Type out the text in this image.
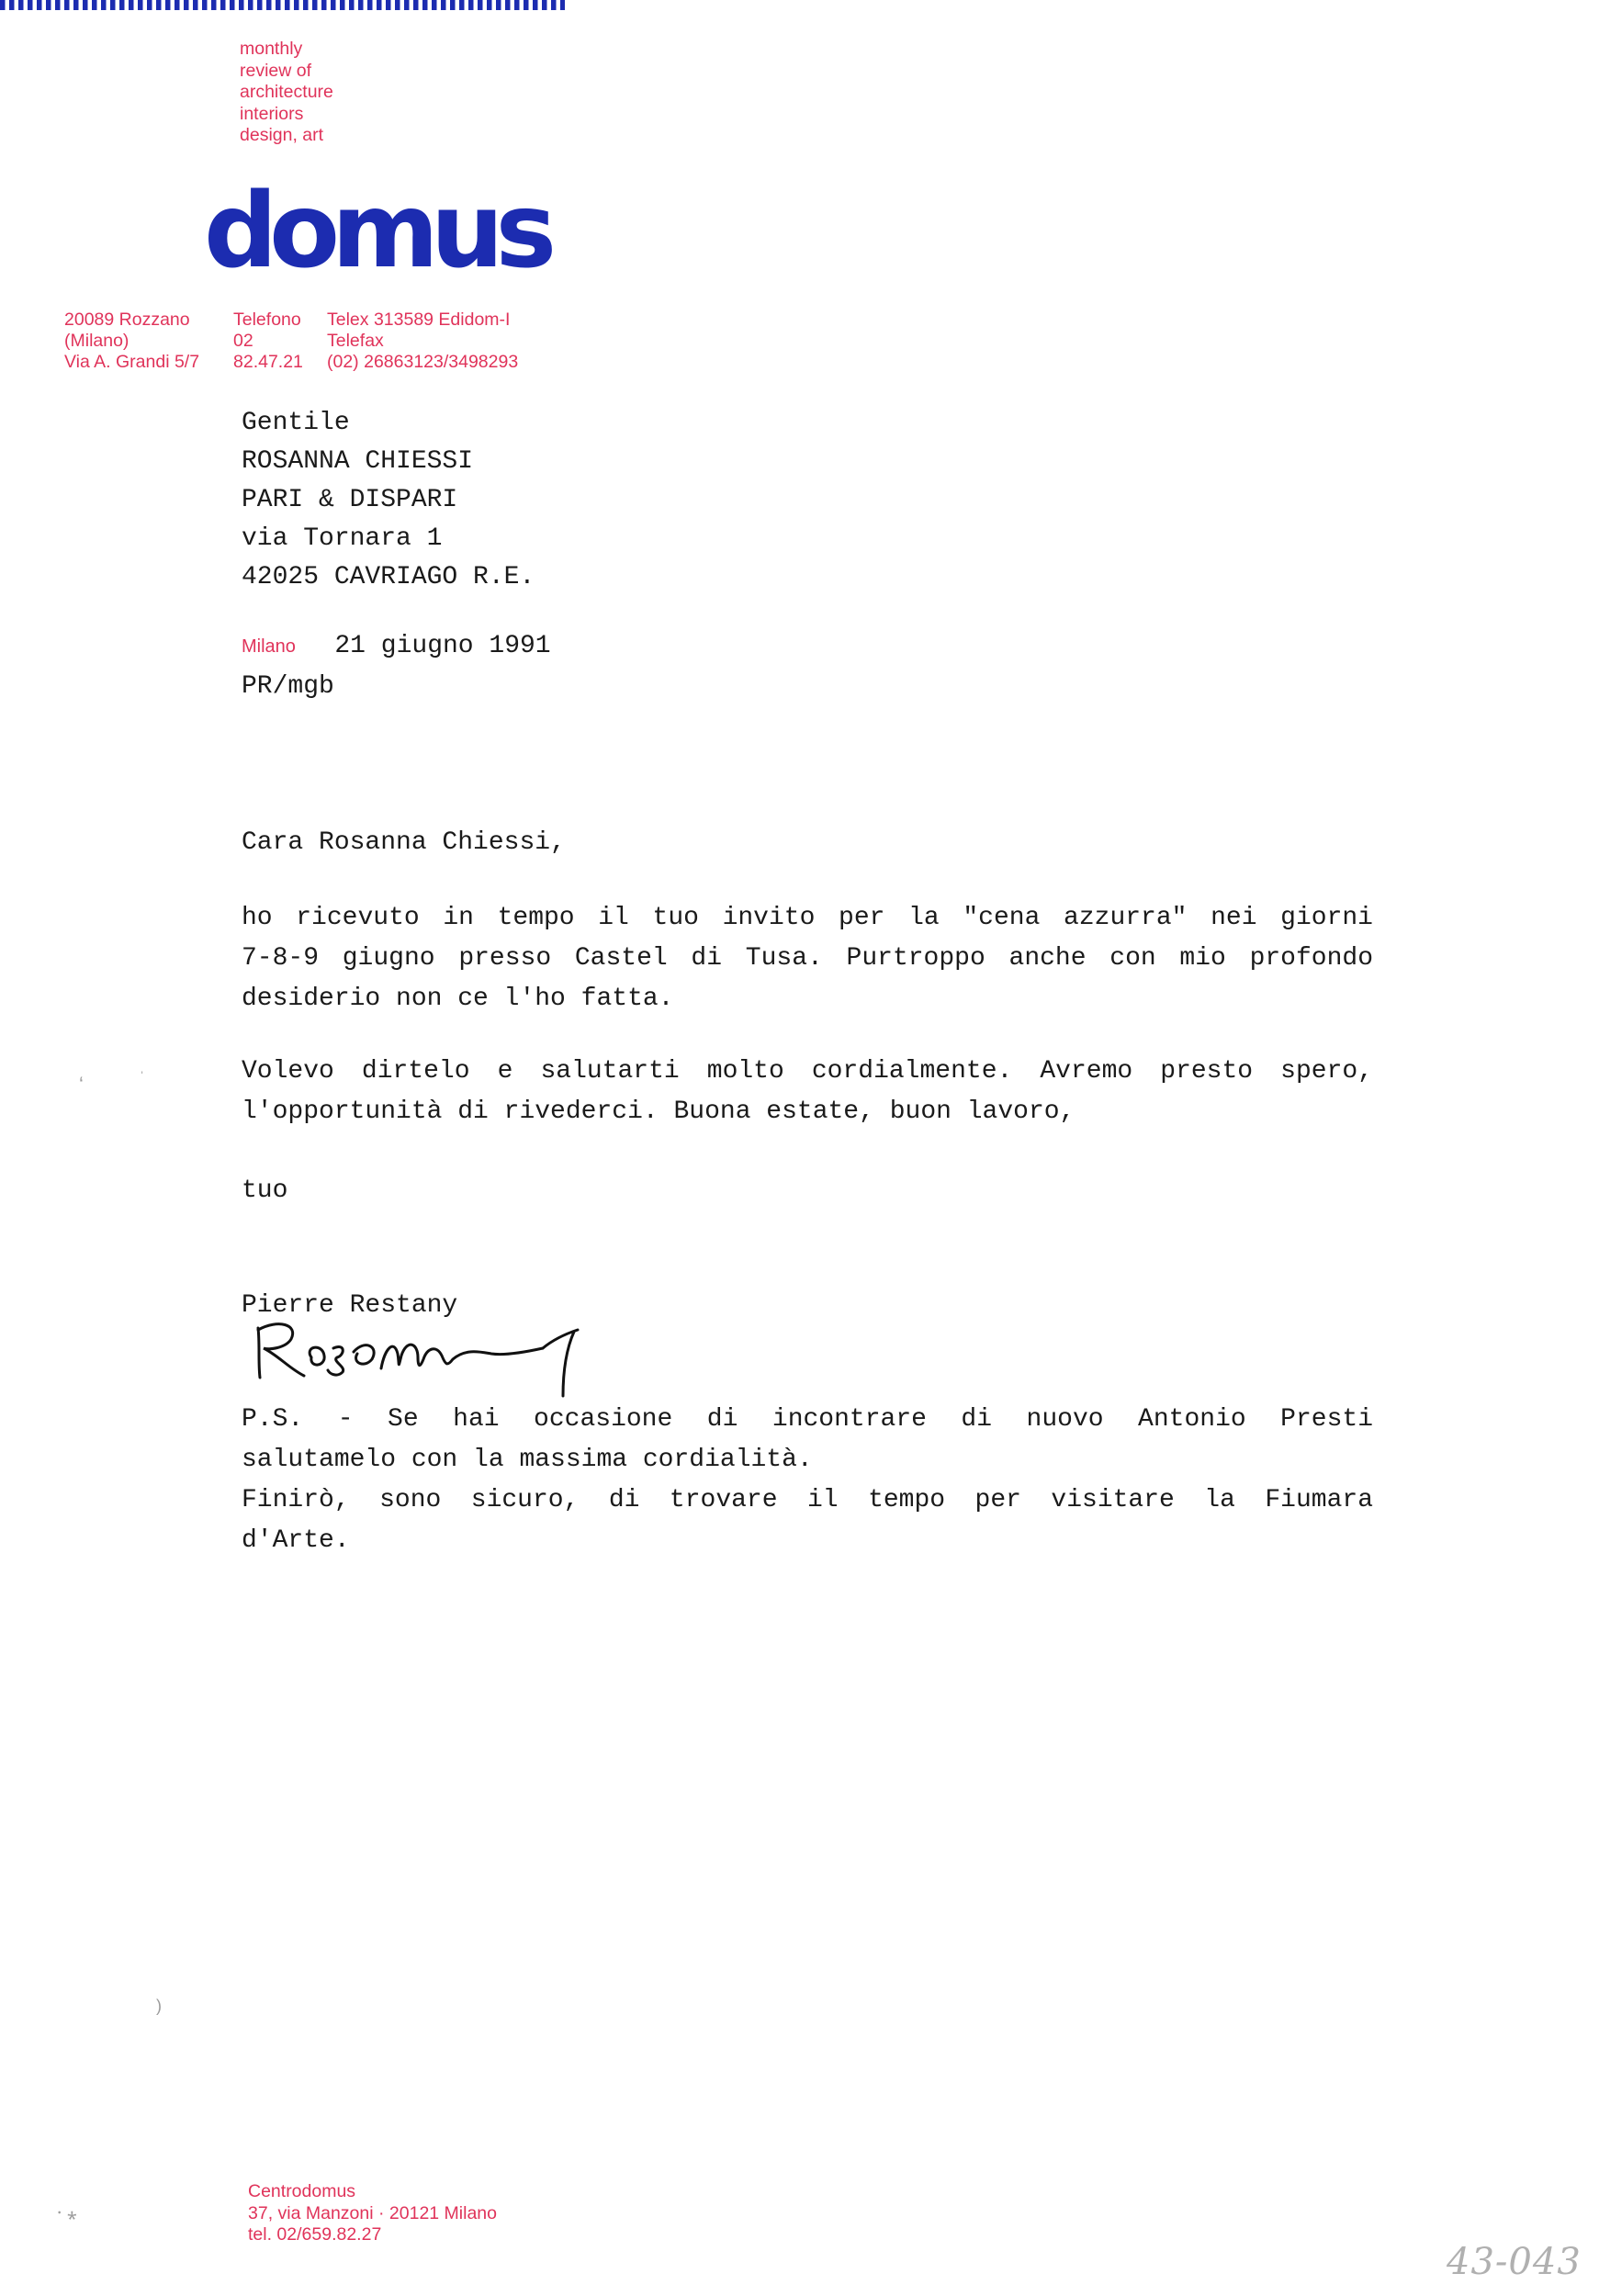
monthly
review of
architecture
interiors
design, art
domus
20089 Rozzano
(Milano)
Via A. Grandi 5/7
Telefono
02
82.47.21
Telex 313589 Edidom-I
Telefax
(02) 26863123/3498293
Gentile
ROSANNA CHIESSI
PARI & DISPARI
via Tornara 1
42025 CAVRIAGO R.E.
Milano 21 giugno 1991
PR/mgb
Cara Rosanna Chiessi,
ho ricevuto in tempo il tuo invito per la "cena azzurra" nei giorni
7-8-9 giugno presso Castel di Tusa. Purtroppo anche con mio profondo
desiderio non ce l'ho fatta.
Volevo dirtelo e salutarti molto cordialmente. Avremo presto spero,
l'opportunità di rivederci. Buona estate, buon lavoro,
tuo
Pierre Restany
P.S. - Se hai occasione di incontrare di nuovo Antonio Presti
salutamelo con la massima cordialità.
Finirò, sono sicuro, di trovare il tempo per visitare la Fiumara
d'Arte.
‘
ˌ
)
⸳ ⁎
Centrodomus
37, via Manzoni · 20121 Milano
tel. 02/659.82.27
43-043
